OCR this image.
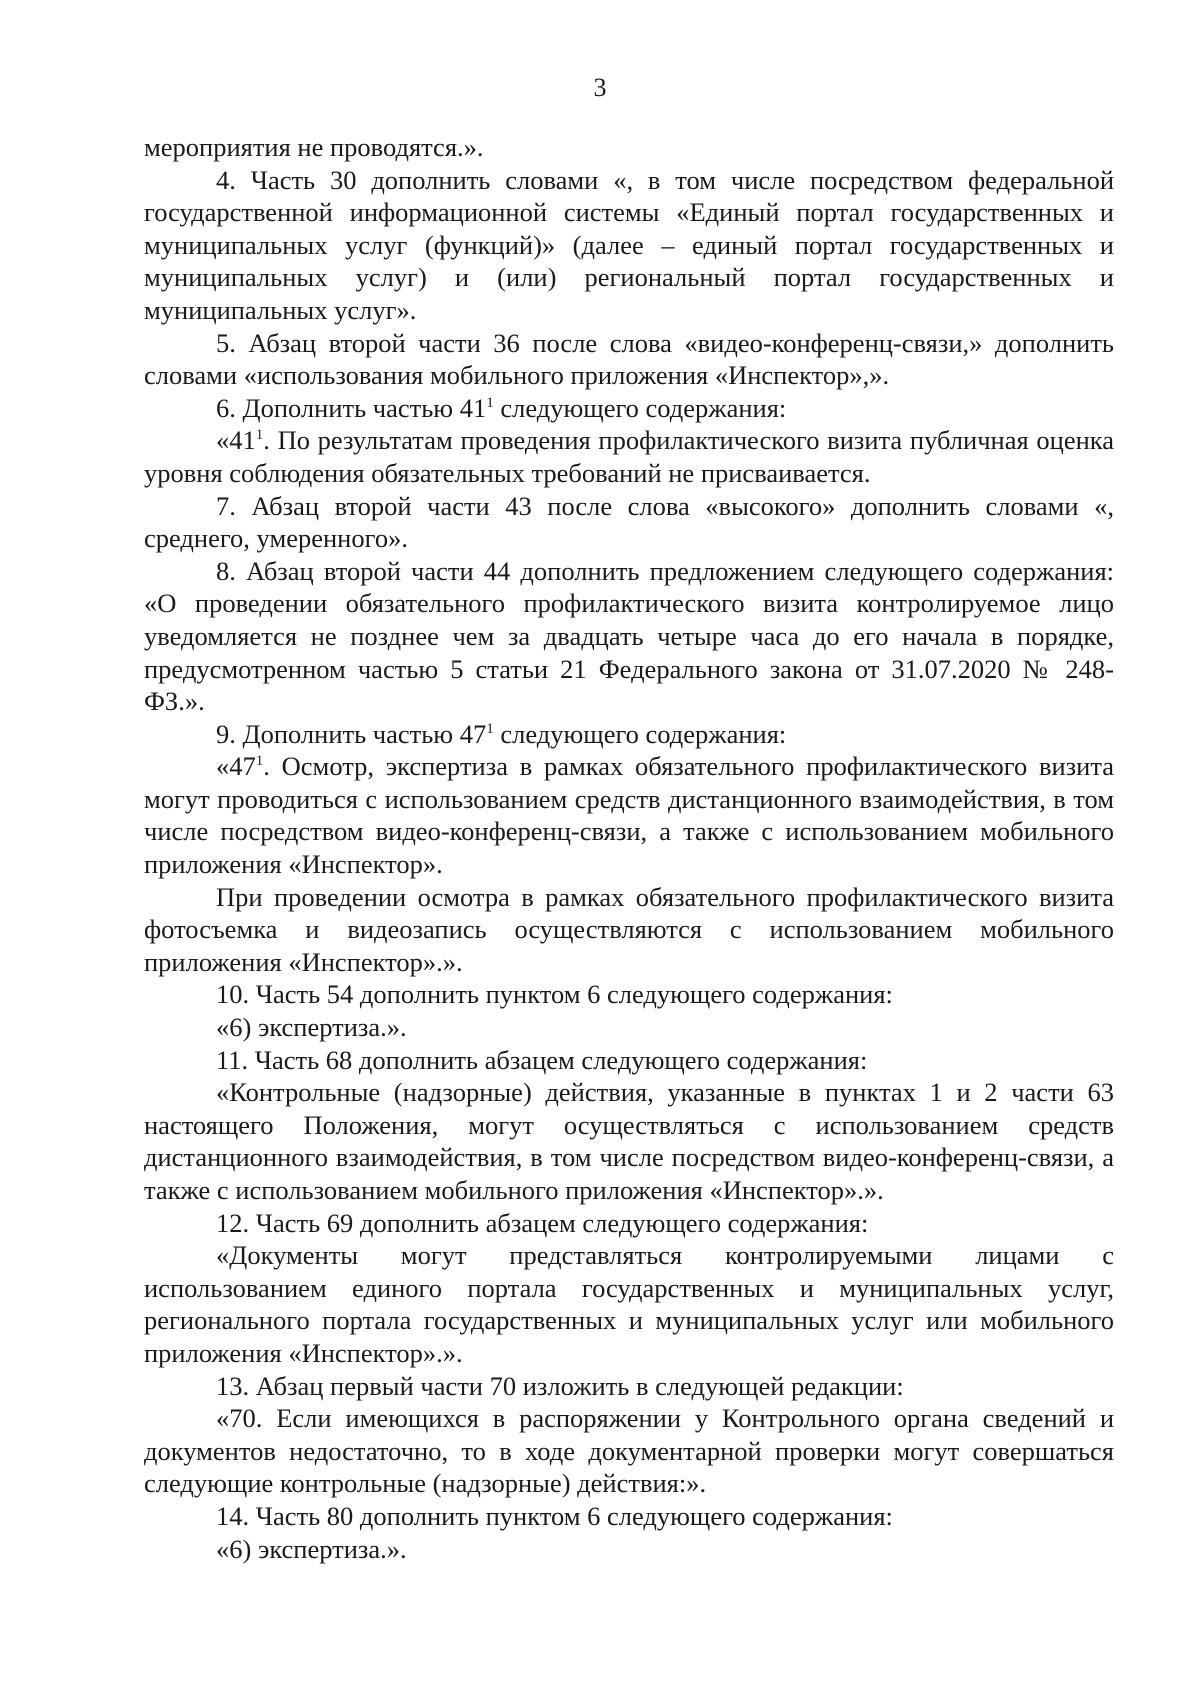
3

мероприятия не проводятся.».

4. Часть 30 дополнить словами «, в том числе посредством федеральной государственной информационной системы «Единый портал государственных и муниципальных услуг (функций)» (далее – единый портал государственных и муниципальных услуг) и (или) региональный портал государственных и муниципальных услуг».

5. Абзац второй части 36 после слова «видео-конференц-связи,» дополнить словами «использования мобильного приложения «Инспектор»,».

6. Дополнить частью $41^1$ следующего содержания:

«$41^1$. По результатам проведения профилактического визита публичная оценка уровня соблюдения обязательных требований не присваивается.

7. Абзац второй части 43 после слова «высокого» дополнить словами «, среднего, умеренного».

8. Абзац второй части 44 дополнить предложением следующего содержания: «О проведении обязательного профилактического визита контролируемое лицо уведомляется не позднее чем за двадцать четыре часа до его начала в порядке, предусмотренном частью 5 статьи 21 Федерального закона от 31.07.2020 № 248-ФЗ.».

9. Дополнить частью $47^1$ следующего содержания:

«$47^1$. Осмотр, экспертиза в рамках обязательного профилактического визита могут проводиться с использованием средств дистанционного взаимодействия, в том числе посредством видео-конференц-связи, а также с использованием мобильного приложения «Инспектор».

При проведении осмотра в рамках обязательного профилактического визита фотосъемка и видеозапись осуществляются с использованием мобильного приложения «Инспектор».».

10. Часть 54 дополнить пунктом 6 следующего содержания:

«6) экспертиза.».

11. Часть 68 дополнить абзацем следующего содержания:

«Контрольные (надзорные) действия, указанные в пунктах 1 и 2 части 63 настоящего Положения, могут осуществляться с использованием средств дистанционного взаимодействия, в том числе посредством видео-конференц-связи, а также с использованием мобильного приложения «Инспектор».».

12. Часть 69 дополнить абзацем следующего содержания:

«Документы могут представляться контролируемыми лицами с использованием единого портала государственных и муниципальных услуг, регионального портала государственных и муниципальных услуг или мобильного приложения «Инспектор».».

13. Абзац первый части 70 изложить в следующей редакции:

«70. Если имеющихся в распоряжении у Контрольного органа сведений и документов недостаточно, то в ходе документарной проверки могут совершаться следующие контрольные (надзорные) действия:».

14. Часть 80 дополнить пунктом 6 следующего содержания:

«6) экспертиза.».
